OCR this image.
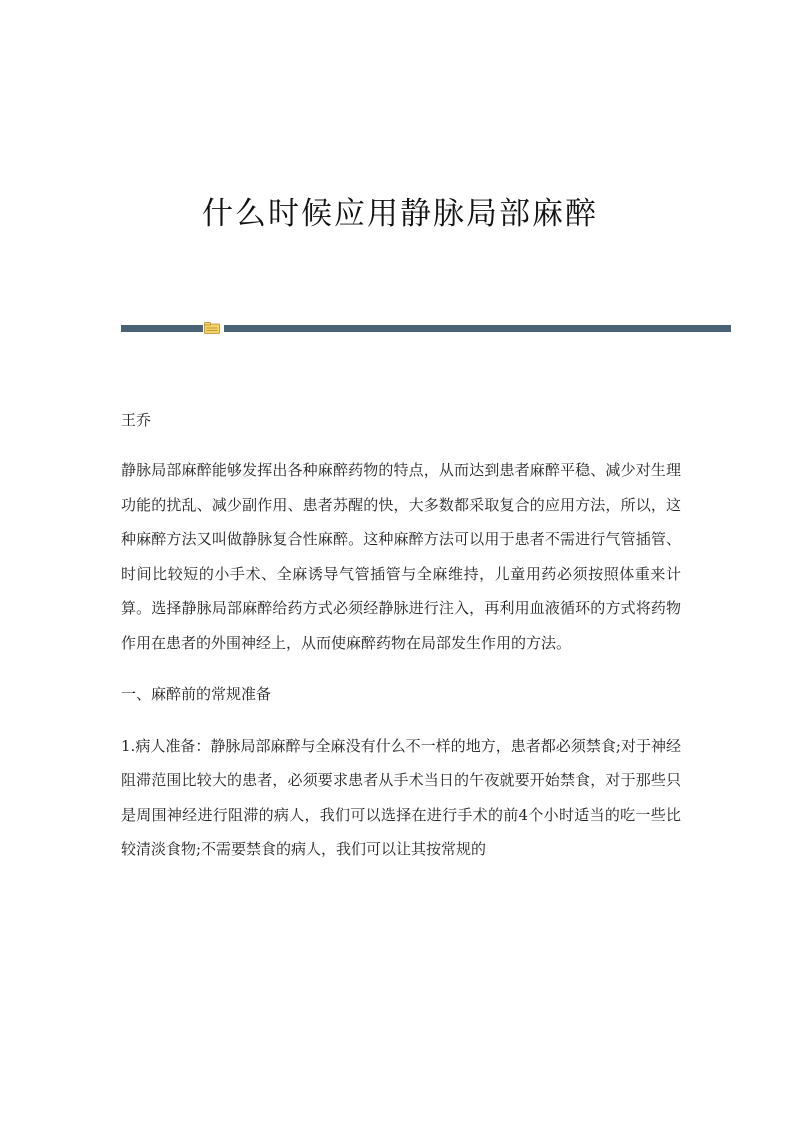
什么时候应用静脉局部麻醉

王乔

静脉局部麻醉能够发挥出各种麻醉药物的特点，从而达到患者麻醉平稳、减少对生理功能的扰乱、减少副作用、患者苏醒的快，大多数都采取复合的应用方法，所以，这种麻醉方法又叫做静脉复合性麻醉。这种麻醉方法可以用于患者不需进行气管插管、时间比较短的小手术、全麻诱导气管插管与全麻维持，儿童用药必须按照体重来计算。选择静脉局部麻醉给药方式必须经静脉进行注入，再利用血液循环的方式将药物作用在患者的外围神经上，从而使麻醉药物在局部发生作用的方法。

一、麻醉前的常规准备

1.病人准备：静脉局部麻醉与全麻没有什么不一样的地方，患者都必须禁食;对于神经阻滞范围比较大的患者，必须要求患者从手术当日的午夜就要开始禁食，对于那些只是周围神经进行阻滞的病人，我们可以选择在进行手术的前4个小时适当的吃一些比较清淡食物;不需要禁食的病人，我们可以让其按常规的
